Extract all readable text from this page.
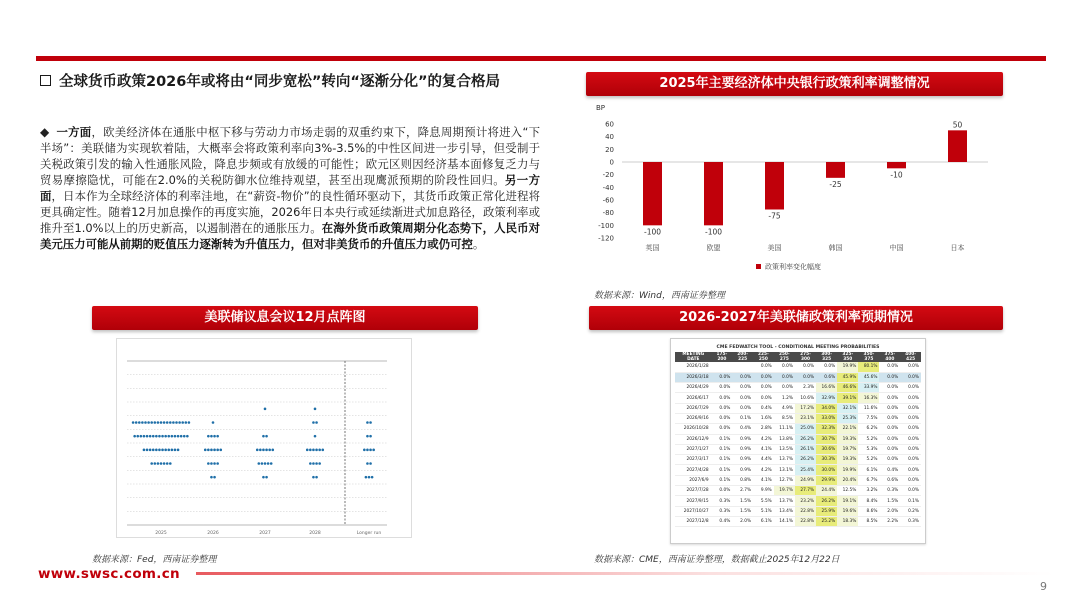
全球货币政策2026年或将由“同步宽松”转向“逐渐分化”的复合格局
◆ 一方面，欧美经济体在通胀中枢下移与劳动力市场走弱的双重约束下，降息周期预计将进入“下半场”：美联储为实现软着陆，大概率会将政策利率向3%-3.5%的中性区间进一步引导，但受制于关税政策引发的输入性通胀风险，降息步频或有放缓的可能性；欧元区则因经济基本面修复乏力与贸易摩擦隐忧，可能在2.0%的关税防御水位维持观望，甚至出现鹰派预期的阶段性回归。另一方面，日本作为全球经济体的利率洼地，在“薪资-物价”的良性循环驱动下，其货币政策正常化进程将更具确定性。随着12月加息操作的再度实施，2026年日本央行或延续渐进式加息路径，政策利率或推升至1.0%以上的历史新高，以遏制潜在的通胀压力。在海外货币政策周期分化态势下，人民币对美元压力可能从前期的贬值压力逐渐转为升值压力，但对非美货币的升值压力或仍可控。
美联储议息会议12月点阵图
2025年主要经济体中央银行政策利率调整情况
2026-2027年美联储政策利率预期情况
2025	2026	2027	2028	Longer run
数据来源：Fed，西南证券整理
BP
60
40
20
0
-20
-40
-60
-80
-100
-120
-100
英国
-100
欧盟
-75
美国
-25
韩国
-10
中国
50
日本
政策利率变化幅度
数据来源：Wind，西南证券整理
CME FEDWATCH TOOL - CONDITIONAL MEETING PROBABILITIES
MEETING DATE	175-200	200-225	225-250	250-275	275-300	300-325	325-350	350-375	375-400	400-425
2026/1/28			0.0%	0.0%	0.0%	0.0%	19.9%	80.1%	0.0%	0.0%
2026/3/18	0.0%	0.0%	0.0%	0.0%	0.0%	0.6%	45.9%	45.6%	0.0%	0.0%
2026/4/29	0.0%	0.0%	0.0%	0.0%	2.3%	16.6%	46.6%	33.9%	0.0%	0.0%
2026/6/17	0.0%	0.0%	0.0%	1.2%	10.6%	32.9%	39.1%	16.3%	0.0%	0.0%
2026/7/29	0.0%	0.0%	0.4%	4.9%	17.2%	34.0%	32.1%	11.6%	0.0%	0.0%
2026/9/16	0.0%	0.1%	1.6%	8.5%	23.1%	33.0%	25.3%	7.5%	0.0%	0.0%
2026/10/28	0.0%	0.4%	2.8%	11.1%	25.0%	32.3%	22.1%	6.2%	0.0%	0.0%
2026/12/9	0.1%	0.9%	4.2%	13.8%	26.2%	30.7%	19.3%	5.2%	0.0%	0.0%
2027/1/27	0.1%	0.9%	4.1%	13.5%	26.1%	30.6%	19.7%	5.3%	0.0%	0.0%
2027/3/17	0.1%	0.9%	4.4%	13.7%	26.2%	30.3%	19.3%	5.2%	0.0%	0.0%
2027/4/28	0.1%	0.9%	4.2%	13.1%	25.4%	30.0%	19.9%	6.1%	0.4%	0.0%
2027/6/9	0.1%	0.8%	4.1%	12.7%	24.9%	29.9%	20.4%	6.7%	0.6%	0.0%
2027/7/28	0.0%	2.7%	9.9%	19.7%	27.7%	24.4%	12.5%	3.2%	0.3%	0.0%
2027/9/15	0.3%	1.5%	5.5%	13.7%	23.2%	26.2%	19.1%	8.4%	1.5%	0.1%
2027/10/27	0.3%	1.5%	5.1%	13.4%	22.8%	25.9%	19.6%	8.6%	2.0%	0.2%
2027/12/8	0.4%	2.0%	6.1%	14.1%	22.8%	25.2%	18.3%	8.5%	2.2%	0.3%
数据来源：CME，西南证券整理，数据截止2025年12月22日
www.swsc.com.cn
9
